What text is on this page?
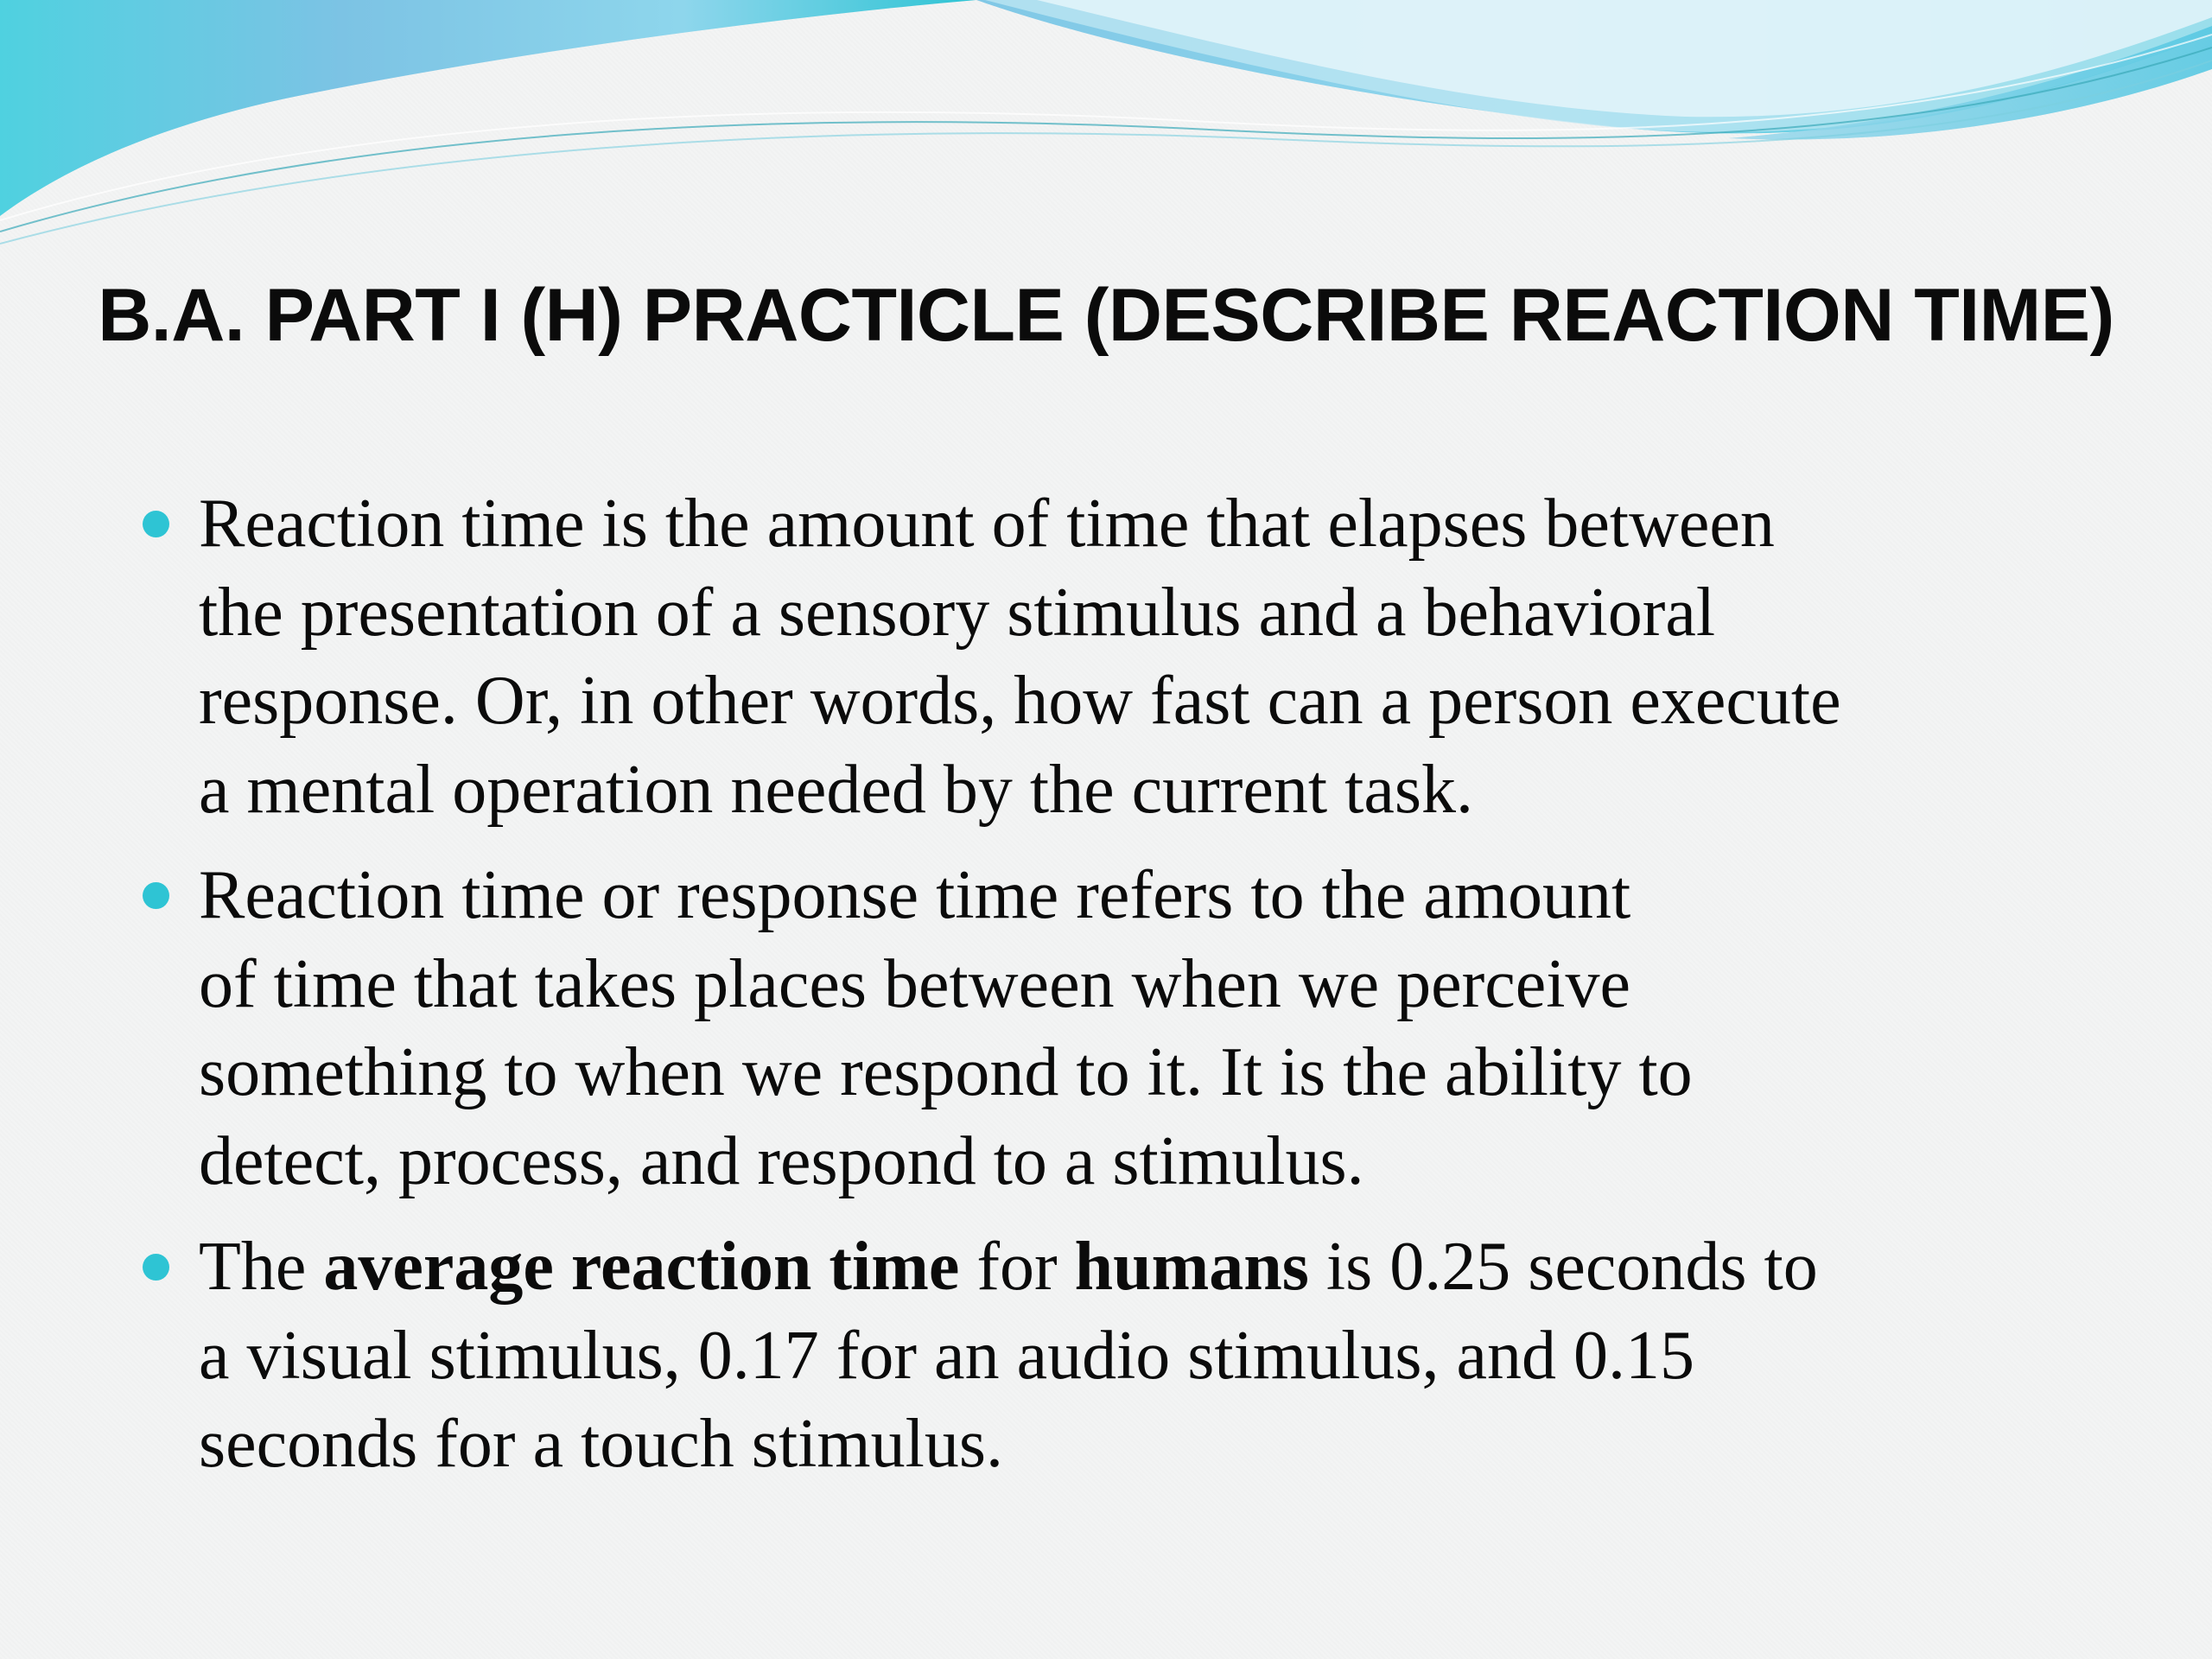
B.A. PART I (H) PRACTICLE (DESCRIBE REACTION TIME)
Reaction time is the amount of time that elapses between
the presentation of a sensory stimulus and a behavioral
response. Or, in other words, how fast can a person execute
a mental operation needed by the current task.
Reaction time or response time refers to the amount
of time that takes places between when we perceive
something to when we respond to it. It is the ability to
detect, process, and respond to a stimulus.
The average reaction time for humans is 0.25 seconds to
a visual stimulus, 0.17 for an audio stimulus, and 0.15
seconds for a touch stimulus.
